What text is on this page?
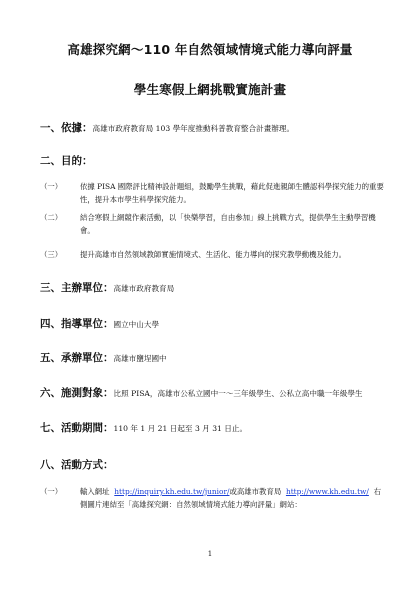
高雄探究網～110 年自然領域情境式能力導向評量
學生寒假上網挑戰實施計畫
一、依據：高雄市政府教育局 103 學年度推動科普教育整合計畫辦理。
二、目的：
（一） 依據 PISA 國際評比精神設計題組，鼓勵學生挑戰，藉此促進親師生體認科學探究能力的重要性，提升本市學生科學探究能力。
（二） 結合寒假上網競作素活動，以「快樂學習，自由參加」線上挑戰方式，提供學生主動學習機會。
（三） 提升高雄市自然領域教師實施情境式、生活化、能力導向的探究教學動機及能力。
三、主辦單位：高雄市政府教育局
四、指導單位：國立中山大學
五、承辦單位：高雄市鹽埕國中
六、施測對象：比照 PISA，高雄市公私立國中一～三年級學生、公私立高中職一年級學生
七、活動期間：110 年 1 月 21 日起至 3 月 31 日止。
八、活動方式：
（一） 輸入網址 http://inquiry.kh.edu.tw/junior/或高雄市教育局 http://www.kh.edu.tw/ 右側圖片連結至「高雄探究網：自然領域情境式能力導向評量」網站：
1
